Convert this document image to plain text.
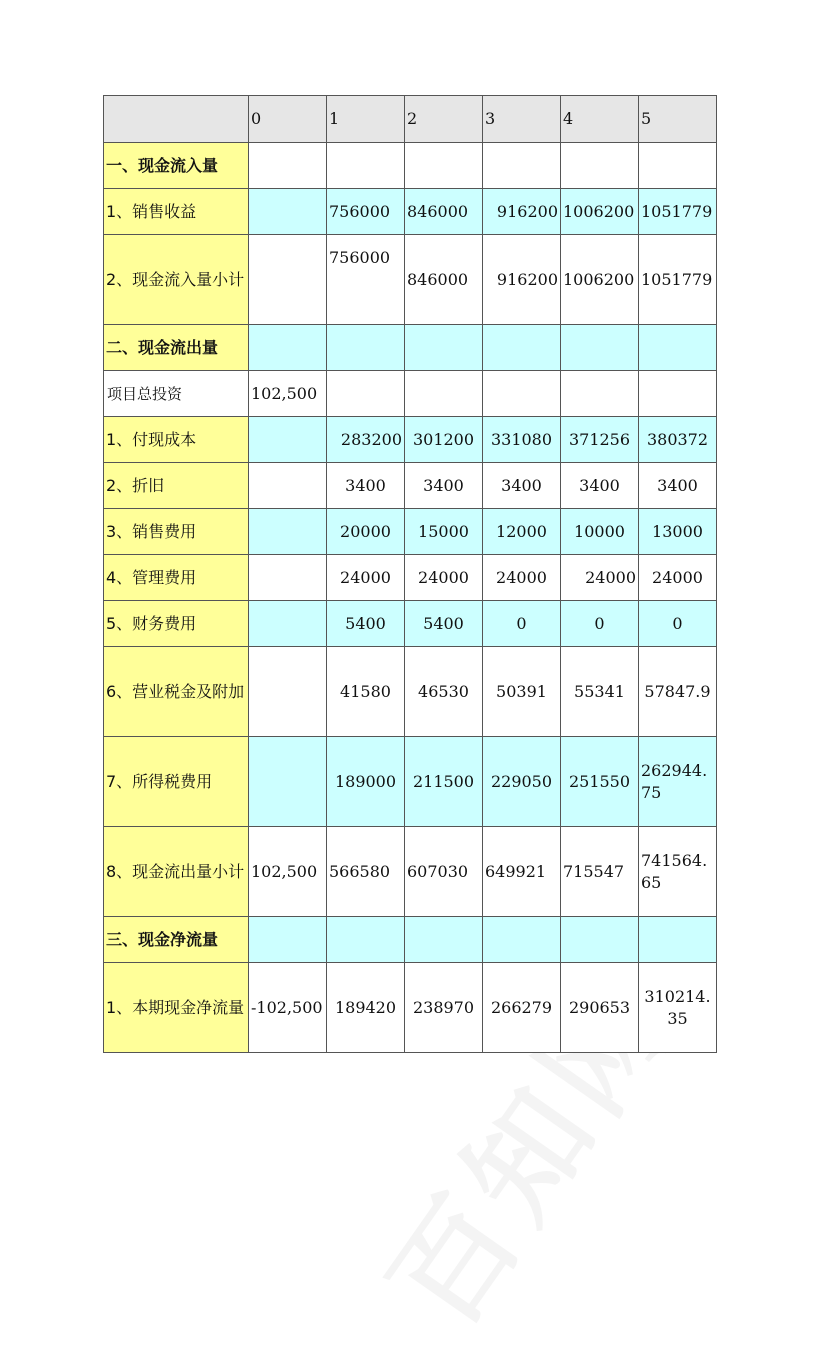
	0	1	2	3	4	5
一、现金流入量						
1、销售收益		756000	846000	916200	1006200	1051779
2、现金流入量小计		756000	846000	916200	1006200	1051779
二、现金流出量						
项目总投资	102,500					
1、付现成本		283200	301200	331080	371256	380372
2、折旧		3400	3400	3400	3400	3400
3、销售费用		20000	15000	12000	10000	13000
4、管理费用		24000	24000	24000	24000	24000
5、财务费用		5400	5400	0	0	0
6、营业税金及附加		41580	46530	50391	55341	57847.9
7、所得税费用		189000	211500	229050	251550	262944.75
8、现金流出量小计	102,500	566580	607030	649921	715547	741564.65
三、现金净流量						
1、本期现金净流量	-102,500	189420	238970	266279	290653	310214.35
